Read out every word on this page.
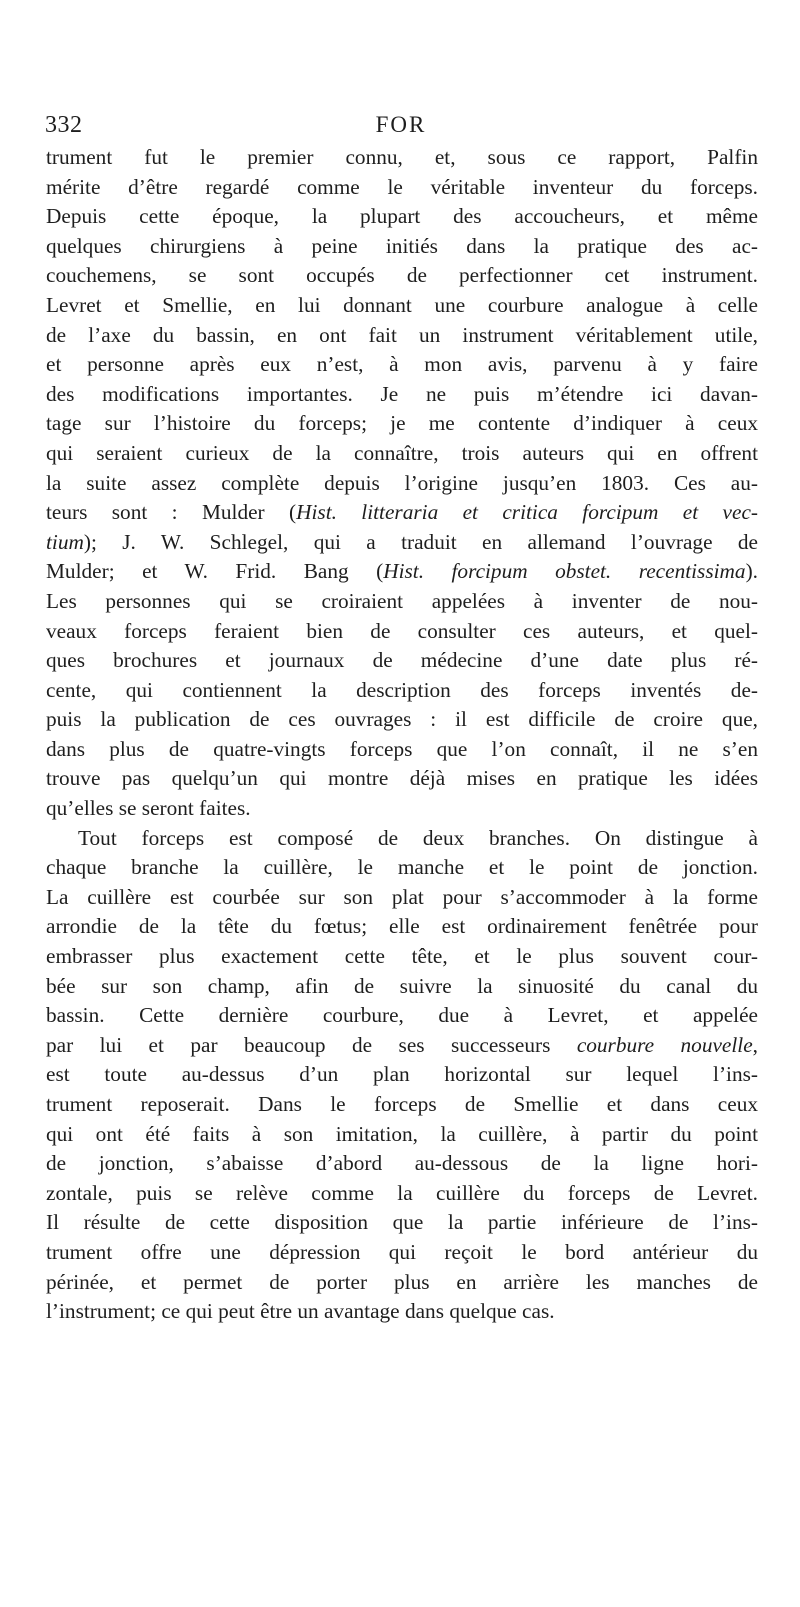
332	FOR
trument fut le premier connu, et, sous ce rapport, Palfin
mérite d’être regardé comme le véritable inventeur du forceps.
Depuis cette époque, la plupart des accoucheurs, et même
quelques chirurgiens à peine initiés dans la pratique des ac-
couchemens, se sont occupés de perfectionner cet instrument.
Levret et Smellie, en lui donnant une courbure analogue à celle
de l’axe du bassin, en ont fait un instrument véritablement utile,
et personne après eux n’est, à mon avis, parvenu à y faire
des modifications importantes. Je ne puis m’étendre ici davan-
tage sur l’histoire du forceps; je me contente d’indiquer à ceux
qui seraient curieux de la connaître, trois auteurs qui en offrent
la suite assez complète depuis l’origine jusqu’en 1803. Ces au-
teurs sont : Mulder (Hist. litteraria et critica forcipum et vec-
tium); J. W. Schlegel, qui a traduit en allemand l’ouvrage de
Mulder; et W. Frid. Bang (Hist. forcipum obstet. recentissima).
Les personnes qui se croiraient appelées à inventer de nou-
veaux forceps feraient bien de consulter ces auteurs, et quel-
ques brochures et journaux de médecine d’une date plus ré-
cente, qui contiennent la description des forceps inventés de-
puis la publication de ces ouvrages : il est difficile de croire que,
dans plus de quatre-vingts forceps que l’on connaît, il ne s’en
trouve pas quelqu’un qui montre déjà mises en pratique les idées
qu’elles se seront faites.
Tout forceps est composé de deux branches. On distingue à
chaque branche la cuillère, le manche et le point de jonction.
La cuillère est courbée sur son plat pour s’accommoder à la forme
arrondie de la tête du fœtus; elle est ordinairement fenêtrée pour
embrasser plus exactement cette tête, et le plus souvent cour-
bée sur son champ, afin de suivre la sinuosité du canal du
bassin. Cette dernière courbure, due à Levret, et appelée
par lui et par beaucoup de ses successeurs courbure nouvelle,
est toute au-dessus d’un plan horizontal sur lequel l’ins-
trument reposerait. Dans le forceps de Smellie et dans ceux
qui ont été faits à son imitation, la cuillère, à partir du point
de jonction, s’abaisse d’abord au-dessous de la ligne hori-
zontale, puis se relève comme la cuillère du forceps de Levret.
Il résulte de cette disposition que la partie inférieure de l’ins-
trument offre une dépression qui reçoit le bord antérieur du
périnée, et permet de porter plus en arrière les manches de
l’instrument; ce qui peut être un avantage dans quelque cas.
